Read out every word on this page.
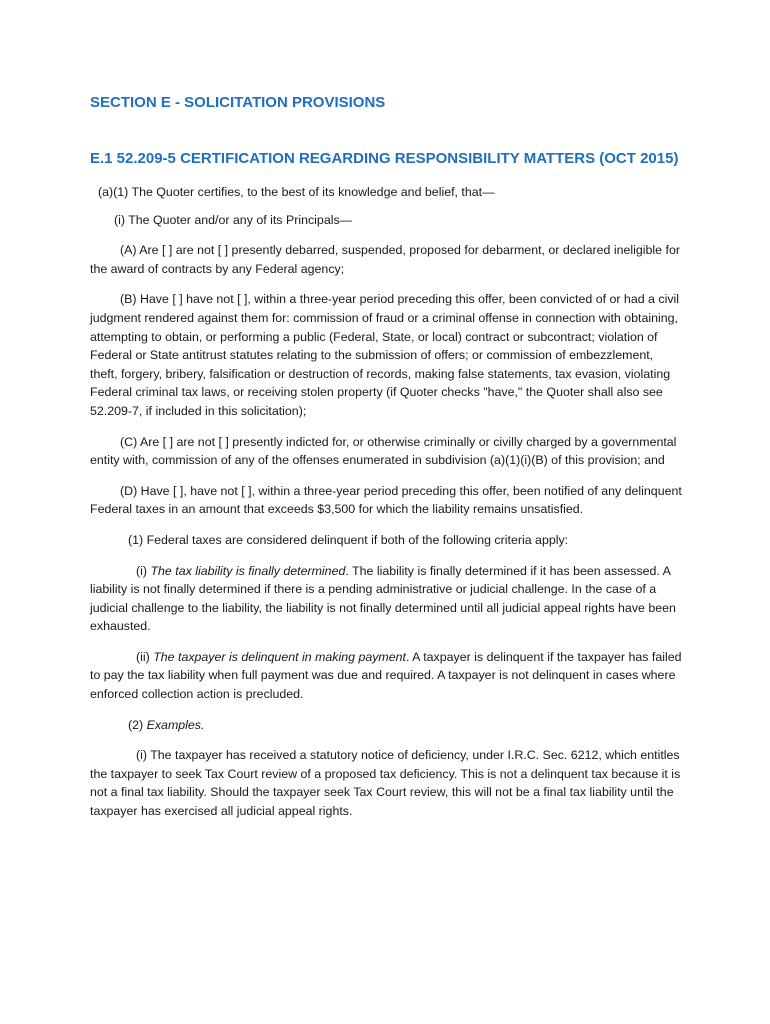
SECTION E - SOLICITATION PROVISIONS
E.1 52.209-5 CERTIFICATION REGARDING RESPONSIBILITY MATTERS (OCT 2015)

(a)(1) The Quoter certifies, to the best of its knowledge and belief, that—

(i) The Quoter and/or any of its Principals—

(A) Are [ ] are not [ ] presently debarred, suspended, proposed for debarment, or declared ineligible for the award of contracts by any Federal agency;

(B) Have [ ] have not [ ], within a three-year period preceding this offer, been convicted of or had a civil judgment rendered against them for: commission of fraud or a criminal offense in connection with obtaining, attempting to obtain, or performing a public (Federal, State, or local) contract or subcontract; violation of Federal or State antitrust statutes relating to the submission of offers; or commission of embezzlement, theft, forgery, bribery, falsification or destruction of records, making false statements, tax evasion, violating Federal criminal tax laws, or receiving stolen property (if Quoter checks "have," the Quoter shall also see 52.209-7, if included in this solicitation);

(C) Are [ ] are not [ ] presently indicted for, or otherwise criminally or civilly charged by a governmental entity with, commission of any of the offenses enumerated in subdivision (a)(1)(i)(B) of this provision; and

(D) Have [ ], have not [ ], within a three-year period preceding this offer, been notified of any delinquent Federal taxes in an amount that exceeds $3,500 for which the liability remains unsatisfied.

(1) Federal taxes are considered delinquent if both of the following criteria apply:

(i) The tax liability is finally determined. The liability is finally determined if it has been assessed. A liability is not finally determined if there is a pending administrative or judicial challenge. In the case of a judicial challenge to the liability, the liability is not finally determined until all judicial appeal rights have been exhausted.

(ii) The taxpayer is delinquent in making payment. A taxpayer is delinquent if the taxpayer has failed to pay the tax liability when full payment was due and required. A taxpayer is not delinquent in cases where enforced collection action is precluded.

(2) Examples.

(i) The taxpayer has received a statutory notice of deficiency, under I.R.C. Sec. 6212, which entitles the taxpayer to seek Tax Court review of a proposed tax deficiency. This is not a delinquent tax because it is not a final tax liability. Should the taxpayer seek Tax Court review, this will not be a final tax liability until the taxpayer has exercised all judicial appeal rights.
